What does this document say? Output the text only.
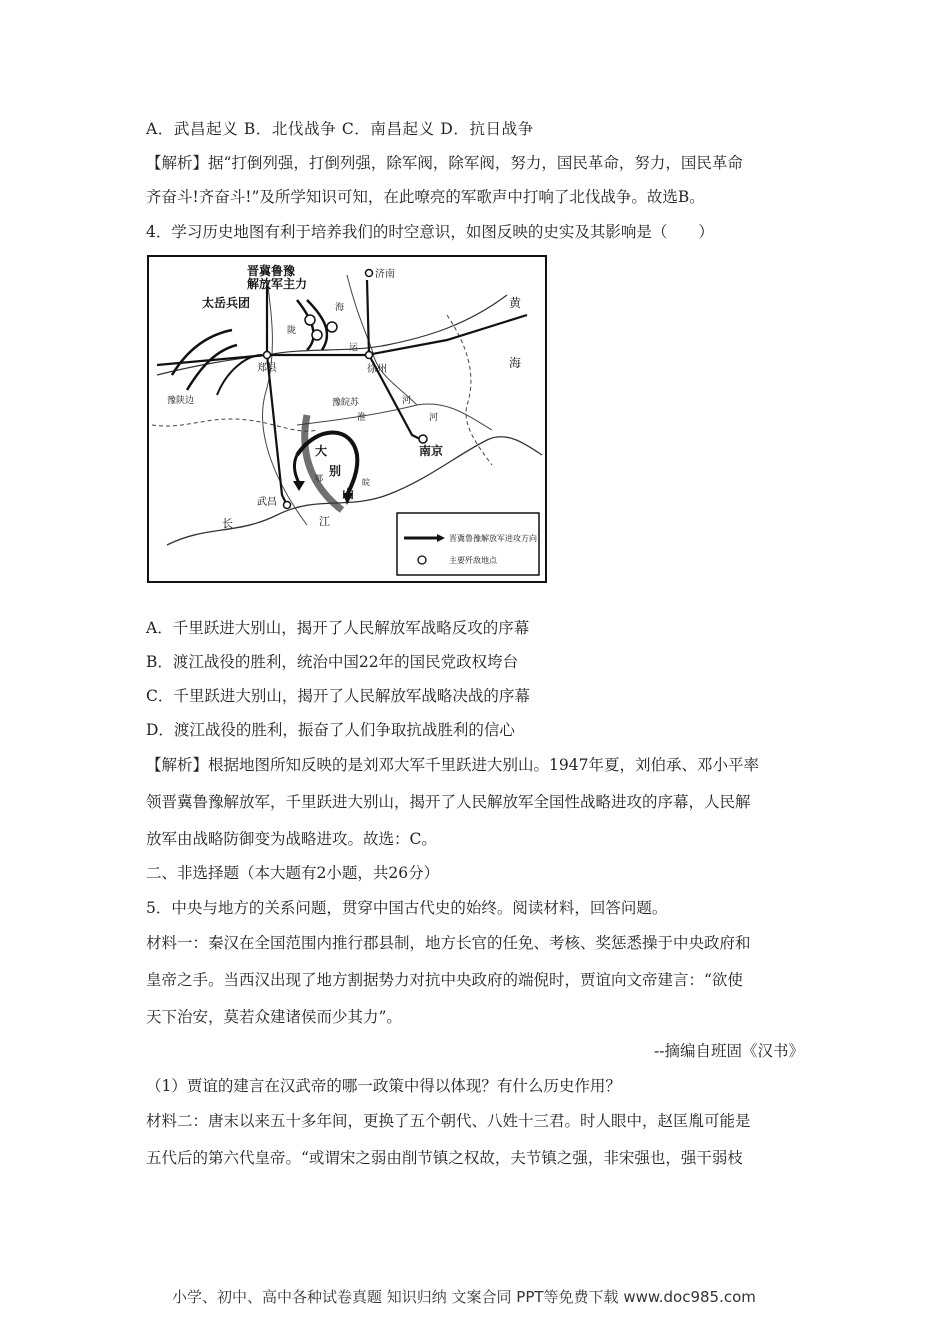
A．武昌起义 B．北伐战争 C．南昌起义 D．抗日战争
【解析】据“打倒列强，打倒列强，除军阀，除军阀，努力，国民革命，努力，国民革命
齐奋斗!齐奋斗!”及所学知识可知，在此嘹亮的军歌声中打响了北伐战争。故选B。
4．学习历史地图有利于培养我们的时空意识，如图反映的史实及其影响是（　　）
晋冀鲁豫解放军主力
太岳兵团
济南
黄
海
郑县	徐州
豫皖苏
豫陕边
淮
河
河
南京
大
别
山
鄂	皖
武昌
长	江
运
陇
海
晋冀鲁豫解放军进攻方向
主要歼敌地点
A．千里跃进大别山，揭开了人民解放军战略反攻的序幕
B．渡江战役的胜利，统治中国22年的国民党政权垮台
C．千里跃进大别山，揭开了人民解放军战略决战的序幕
D．渡江战役的胜利，振奋了人们争取抗战胜利的信心
【解析】根据地图所知反映的是刘邓大军千里跃进大别山。1947年夏，刘伯承、邓小平率
领晋冀鲁豫解放军，千里跃进大别山，揭开了人民解放军全国性战略进攻的序幕，人民解
放军由战略防御变为战略进攻。故选：C。
二、非选择题（本大题有2小题，共26分）
5．中央与地方的关系问题，贯穿中国古代史的始终。阅读材料，回答问题。
材料一：秦汉在全国范围内推行郡县制，地方长官的任免、考核、奖惩悉操于中央政府和
皇帝之手。当西汉出现了地方割据势力对抗中央政府的端倪时，贾谊向文帝建言：“欲使
天下治安，莫若众建诸侯而少其力”。
--摘编自班固《汉书》
（1）贾谊的建言在汉武帝的哪一政策中得以体现？有什么历史作用？
材料二：唐末以来五十多年间，更换了五个朝代、八姓十三君。时人眼中，赵匡胤可能是
五代后的第六代皇帝。“或谓宋之弱由削节镇之权故，夫节镇之强，非宋强也，强干弱枝
小学、初中、高中各种试卷真题 知识归纳 文案合同 PPT等免费下载 www.doc985.com
